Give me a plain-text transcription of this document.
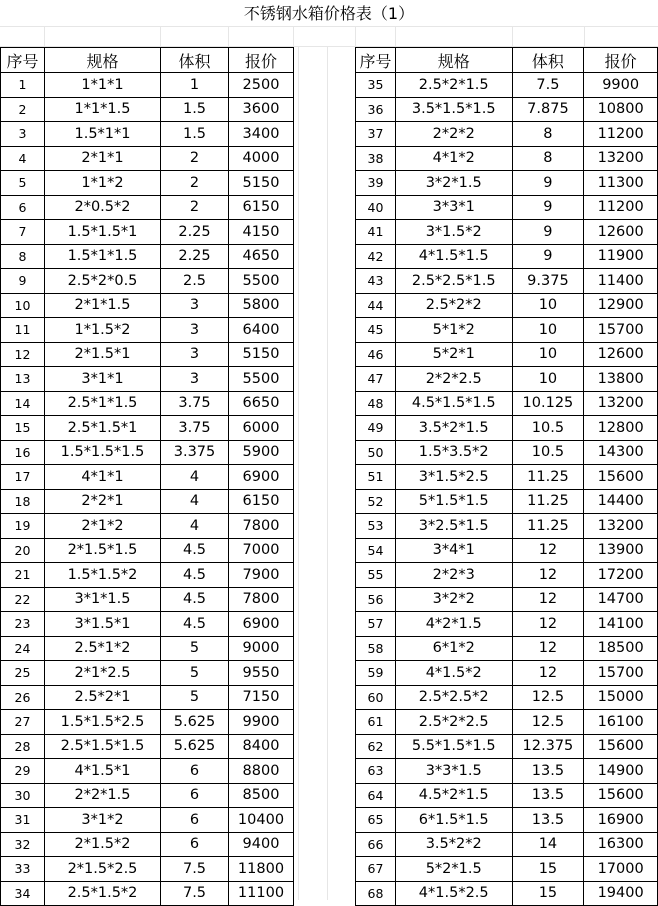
不锈钢水箱价格表（1）
序号	规格	体积	报价
1	1*1*1	1	2500
2	1*1*1.5	1.5	3600
3	1.5*1*1	1.5	3400
4	2*1*1	2	4000
5	1*1*2	2	5150
6	2*0.5*2	2	6150
7	1.5*1.5*1	2.25	4150
8	1.5*1*1.5	2.25	4650
9	2.5*2*0.5	2.5	5500
10	2*1*1.5	3	5800
11	1*1.5*2	3	6400
12	2*1.5*1	3	5150
13	3*1*1	3	5500
14	2.5*1*1.5	3.75	6650
15	2.5*1.5*1	3.75	6000
16	1.5*1.5*1.5	3.375	5900
17	4*1*1	4	6900
18	2*2*1	4	6150
19	2*1*2	4	7800
20	2*1.5*1.5	4.5	7000
21	1.5*1.5*2	4.5	7900
22	3*1*1.5	4.5	7800
23	3*1.5*1	4.5	6900
24	2.5*1*2	5	9000
25	2*1*2.5	5	9550
26	2.5*2*1	5	7150
27	1.5*1.5*2.5	5.625	9900
28	2.5*1.5*1.5	5.625	8400
29	4*1.5*1	6	8800
30	2*2*1.5	6	8500
31	3*1*2	6	10400
32	2*1.5*2	6	9400
33	2*1.5*2.5	7.5	11800
34	2.5*1.5*2	7.5	11100
序号	规格	体积	报价
35	2.5*2*1.5	7.5	9900
36	3.5*1.5*1.5	7.875	10800
37	2*2*2	8	11200
38	4*1*2	8	13200
39	3*2*1.5	9	11300
40	3*3*1	9	11200
41	3*1.5*2	9	12600
42	4*1.5*1.5	9	11900
43	2.5*2.5*1.5	9.375	11400
44	2.5*2*2	10	12900
45	5*1*2	10	15700
46	5*2*1	10	12600
47	2*2*2.5	10	13800
48	4.5*1.5*1.5	10.125	13200
49	3.5*2*1.5	10.5	12800
50	1.5*3.5*2	10.5	14300
51	3*1.5*2.5	11.25	15600
52	5*1.5*1.5	11.25	14400
53	3*2.5*1.5	11.25	13200
54	3*4*1	12	13900
55	2*2*3	12	17200
56	3*2*2	12	14700
57	4*2*1.5	12	14100
58	6*1*2	12	18500
59	4*1.5*2	12	15700
60	2.5*2.5*2	12.5	15000
61	2.5*2*2.5	12.5	16100
62	5.5*1.5*1.5	12.375	15600
63	3*3*1.5	13.5	14900
64	4.5*2*1.5	13.5	15600
65	6*1.5*1.5	13.5	16900
66	3.5*2*2	14	16300
67	5*2*1.5	15	17000
68	4*1.5*2.5	15	19400
